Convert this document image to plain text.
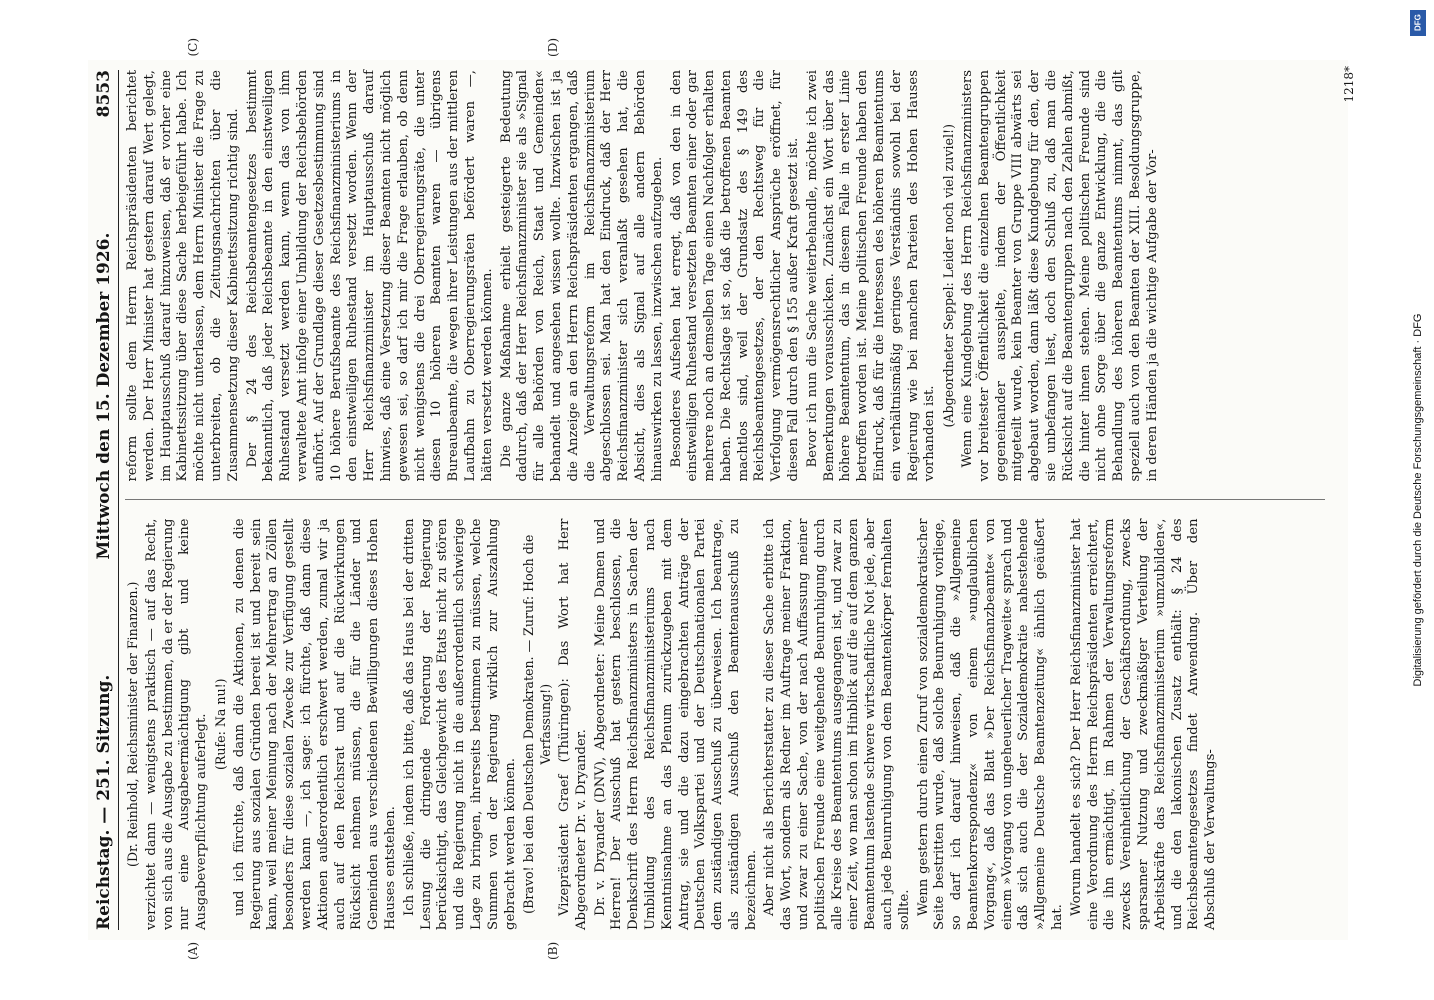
Reichstag. — 251. Sitzung.
Mittwoch den 15. Dezember 1926.
8553
(A)	(B)

(Dr. Reinhold, Reichsminister der Finanzen.) verzichtet dann — wenigstens praktisch — auf das Recht, von sich aus die Ausgabe zu bestimmen, da er der Regierung nur eine Ausgabeermächtigung gibt und keine Ausgabeverpflichtung auferlegt. (Rufe: Na nu!) und ich fürchte, daß dann die Aktionen, zu denen die Regierung aus sozialen Gründen bereit ist und bereit sein kann, weil meiner Meinung nach der Mehrertrag an Zöllen besonders für diese sozialen Zwecke zur Verfügung gestellt werden kann —, ich sage: ich fürchte, daß dann diese Aktionen außerordentlich erschwert werden, zumal wir ja auch auf den Reichsrat und auf die Rückwirkungen Rücksicht nehmen müssen, die für die Länder und Gemeinden aus verschiedenen Bewilligungen dieses Hohen Hauses entstehen. Ich schließe, indem ich bitte, daß das Haus bei der dritten Lesung die dringende Forderung der Regierung berücksichtigt, das Gleichgewicht des Etats nicht zu stören und die Regierung nicht in die außerordentlich schwierige Lage zu bringen, ihrerseits bestimmen zu müssen, welche Summen von der Regierung wirklich zur Auszahlung gebracht werden können. (Bravo! bei den Deutschen Demokraten. — Zuruf: Hoch die Verfassung!) Vizepräsident Graef (Thüringen): Das Wort hat Herr Abgeordneter Dr. v. Dryander. Dr. v. Dryander (DNV), Abgeordneter: Meine Damen und Herren! Der Ausschuß hat gestern beschlossen, die Denkschrift des Herrn Reichsfinanzministers in Sachen der Umbildung des Reichsfinanzministeriums nach Kenntnisnahme an das Plenum zurückzugeben mit dem Antrag, sie und die dazu eingebrachten Anträge der Deutschen Volkspartei und der Deutschnationalen Partei dem zuständigen Ausschuß zu überweisen. Ich beantrage, als zuständigen Ausschuß den Beamtenausschuß zu bezeichnen. Aber nicht als Berichterstatter zu dieser Sache erbitte ich das Wort, sondern als Redner im Auftrage meiner Fraktion, und zwar zu einer Sache, von der nach Auffassung meiner politischen Freunde eine weitgehende Beunruhigung durch alle Kreise des Beamtentums ausgegangen ist, und zwar zu einer Zeit, wo man schon im Hinblick auf die auf dem ganzen Beamtentum lastende schwere wirtschaftliche Not jede, aber auch jede Beunruhigung von dem Beamtenkörper fernhalten sollte. Wenn gestern durch einen Zuruf von sozialdemokratischer Seite bestritten wurde, daß solche Beunruhigung vorliege, so darf ich darauf hinweisen, daß die »Allgemeine Beamtenkorrespondenz« von einem »unglaublichen Vorgang«, daß das Blatt »Der Reichsfinanzbeamte« von einem »Vorgang von ungeheuerlicher Tragweite« sprach und daß sich auch die der Sozialdemokratie nahestehende »Allgemeine Deutsche Beamtenzeitung« ähnlich geäußert hat.

Worum handelt es sich? Der Herr Reichsfinanzminister hat eine Verordnung des Herrn Reichspräsidenten erreichtert, die ihn ermächtigt, im Rahmen der Verwaltungsreform zwecks Vereinheitlichung der Geschäftsordnung, zwecks sparsamer Nutzung und zweckmäßiger Verteilung der Arbeitskräfte das Reichsfinanzministerium »umzubilden«, und die den lakonischen Zusatz enthält: § 24 des Reichsbeamtengesetzes findet Anwendung. Über den Abschluß der Verwaltungs-

(C)	(D)

reform sollte dem Herrn Reichspräsidenten berichtet werden. Der Herr Minister hat gestern darauf Wert gelegt, im Hauptausschuß darauf hinzuweisen, daß er vorher eine Kabinettssitzung über diese Sache herbeigeführt habe. Ich möchte nicht unterlassen, dem Herrn Minister die Frage zu unterbreiten, ob die Zeitungsnachrichten über die Zusammensetzung dieser Kabinettssitzung richtig sind. Der § 24 des Reichsbeamtengesetzes bestimmt bekanntlich, daß jeder Reichsbeamte in den einstweiligen Ruhestand versetzt werden kann, wenn das von ihm verwaltete Amt infolge einer Umbildung der Reichsbehörden aufhört. Auf der Grundlage dieser Gesetzesbestimmung sind 10 höhere Berufsbeamte des Reichsfinanzministeriums in den einstweiligen Ruhestand versetzt worden. Wenn der Herr Reichsfinanzminister im Hauptausschuß darauf hinwies, daß eine Versetzung dieser Beamten nicht möglich gewesen sei, so darf ich mir die Frage erlauben, ob denn nicht wenigstens die drei Oberregierungsräte, die unter diesen 10 höheren Beamten waren — übrigens Bureaubeamte, die wegen ihrer Leistungen aus der mittleren Laufbahn zu Oberregierungsräten befördert waren —, hätten versetzt werden können. Die ganze Maßnahme erhielt gesteigerte Bedeutung dadurch, daß der Herr Reichsfinanzminister sie als »Signal für alle Behörden von Reich, Staat und Gemeinden« behandelt und angesehen wissen wollte. Inzwischen ist ja die Anzeige an den Herrn Reichspräsidenten ergangen, daß die Verwaltungsreform im Reichsfinanzministerium abgeschlossen sei. Man hat den Eindruck, daß der Herr Reichsfinanzminister sich veranlaßt gesehen hat, die Absicht, dies als Signal auf alle andern Behörden hinauswirken zu lassen, inzwischen aufzugeben. Besonderes Aufsehen hat erregt, daß von den in den einstweiligen Ruhestand versetzten Beamten einer oder gar mehrere noch an demselben Tage einen Nachfolger erhalten haben. Die Rechtslage ist so, daß die betroffenen Beamten machtlos sind, weil der Grundsatz des § 149 des Reichsbeamtengesetzes, der den Rechtsweg für die Verfolgung vermögensrechtlicher Ansprüche eröffnet, für diesen Fall durch den § 155 außer Kraft gesetzt ist. Bevor ich nun die Sache weiterbehandle, möchte ich zwei Bemerkungen vorausschicken. Zunächst ein Wort über das höhere Beamtentum, das in diesem Falle in erster Linie betroffen worden ist. Meine politischen Freunde haben den Eindruck, daß für die Interessen des höheren Beamtentums ein verhältnismäßig geringes Verständnis sowohl bei der Regierung wie bei manchen Parteien des Hohen Hauses vorhanden ist.

(Abgeordneter Seppel: Leider noch viel zuviel!) Wenn eine Kundgebung des Herrn Reichsfinanzministers vor breitester Öffentlichkeit die einzelnen Beamtengruppen gegeneinander ausspielte, indem der Öffentlichkeit mitgeteilt wurde, kein Beamter von Gruppe VIII abwärts sei abgebaut worden, dann läßt diese Kundgebung für den, der sie unbefangen liest, doch den Schluß zu, daß man die Rücksicht auf die Beamtengruppen nach den Zahlen abmißt, die hinter ihnen stehen. Meine politischen Freunde sind nicht ohne Sorge über die ganze Entwicklung, die die Behandlung des höheren Beamtentums nimmt, das gilt speziell auch von den Beamten der XIII. Besoldungsgruppe, in deren Händen ja die wichtige Aufgabe der Vor-

1218*
DFG
Digitalisierung gefördert durch die Deutsche Forschungsgemeinschaft · DFG
